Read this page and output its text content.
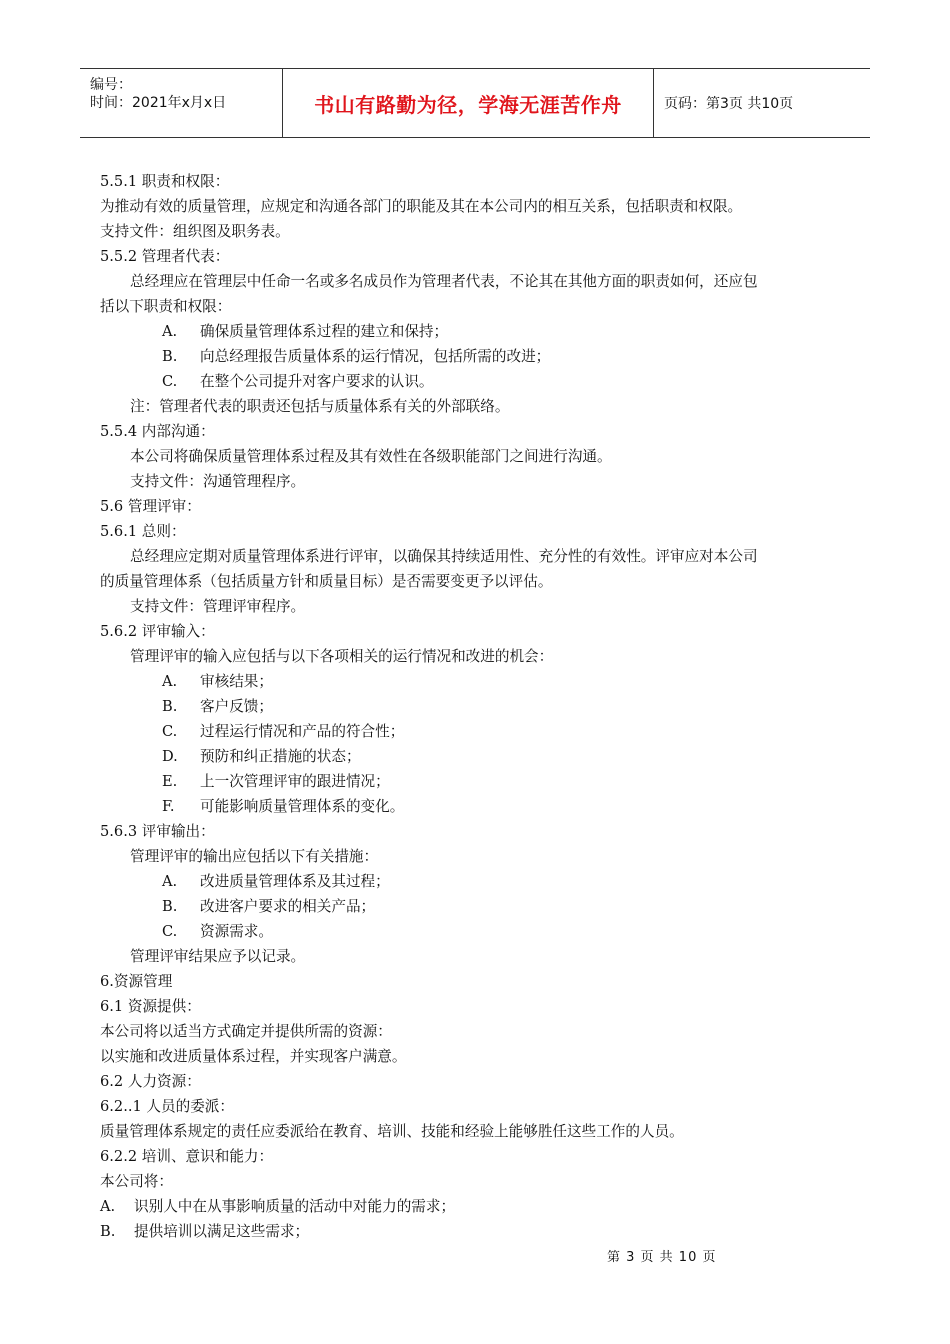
编号：
时间：2021年x月x日	书山有路勤为径，学海无涯苦作舟	页码：第3页 共10页
5.5.1 职责和权限：
为推动有效的质量管理，应规定和沟通各部门的职能及其在本公司内的相互关系，包括职责和权限。
支持文件：组织图及职务表。
5.5.2 管理者代表：
总经理应在管理层中任命一名或多名成员作为管理者代表，不论其在其他方面的职责如何，还应包
括以下职责和权限：
A. 确保质量管理体系过程的建立和保持；
B. 向总经理报告质量体系的运行情况，包括所需的改进；
C. 在整个公司提升对客户要求的认识。
注：管理者代表的职责还包括与质量体系有关的外部联络。
5.5.4 内部沟通：
本公司将确保质量管理体系过程及其有效性在各级职能部门之间进行沟通。
支持文件：沟通管理程序。
5.6 管理评审：
5.6.1 总则：
总经理应定期对质量管理体系进行评审，以确保其持续适用性、充分性的有效性。评审应对本公司
的质量管理体系（包括质量方针和质量目标）是否需要变更予以评估。
支持文件：管理评审程序。
5.6.2 评审输入：
管理评审的输入应包括与以下各项相关的运行情况和改进的机会：
A. 审核结果；
B. 客户反馈；
C. 过程运行情况和产品的符合性；
D. 预防和纠正措施的状态；
E. 上一次管理评审的跟进情况；
F. 可能影响质量管理体系的变化。
5.6.3 评审输出：
管理评审的输出应包括以下有关措施：
A. 改进质量管理体系及其过程；
B. 改进客户要求的相关产品；
C. 资源需求。
管理评审结果应予以记录。
6.资源管理
6.1 资源提供：
本公司将以适当方式确定并提供所需的资源：
以实施和改进质量体系过程，并实现客户满意。
6.2 人力资源：
6.2..1 人员的委派：
质量管理体系规定的责任应委派给在教育、培训、技能和经验上能够胜任这些工作的人员。
6.2.2 培训、意识和能力：
本公司将：
A. 识别人中在从事影响质量的活动中对能力的需求；
B. 提供培训以满足这些需求；
第 3 页 共 10 页
